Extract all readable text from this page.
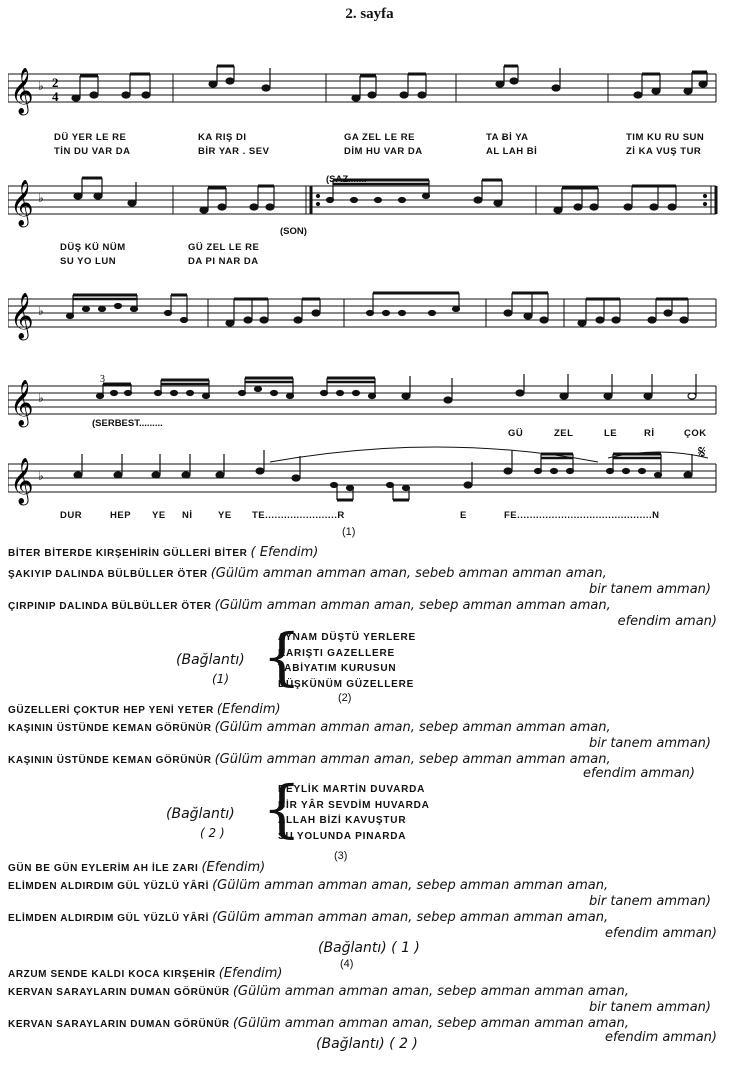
2. sayfa
𝄞 ♭ 2
4
DÜ YER LE RE	KA RIŞ DI	GA ZEL LE RE	TA Ƀİ YA	TIM KU RU SUN
TİN DU VAR DA	BİR YAR . SEV	DİM HU VAR DA	AL LAH Bİ	Zİ KA VUŞ TUR
𝄞 ♭
(SAZ.......
(SON)
DÜŞ KÜ NÜM	GÜ ZEL LE RE
SU YO LUN	DA PI NAR DA
𝄞 ♭
𝄞 ♭
3
(SERBEST.........
GÜ	ZEL	LE	Rİ	ÇOK
𝄞 ♭
𝄋
DUR	HEP YE Nİ	YE TE.......................R	E	FE...........................................N
(1)
BİTER BİTERDE KIRŞEHİRİN GÜLLERİ BİTER ( Efendim)
ŞAKIYIP DALINDA BÜLBÜLLER ÖTER (Gülüm amman amman aman, sebeb amman amman aman,
bir tanem amman)
ÇIRPINIP DALINDA BÜLBÜLLER ÖTER (Gülüm amman amman aman, sebep amman amman aman,
efendim aman)
(Bağlantı)
(1) {
AYNAM DÜŞTÜ YERLERE
KARIŞTI GAZELLERE
TABİYATIM KURUSUN
DÜŞKÜNÜM GÜZELLERE
(2)
GÜZELLERİ ÇOKTUR HEP YENİ YETER (Efendim)
KAŞININ ÜSTÜNDE KEMAN GÖRÜNÜR (Gülüm amman amman aman, sebep amman amman aman,
bir tanem amman)
KAŞININ ÜSTÜNDE KEMAN GÖRÜNÜR (Gülüm amman amman aman, sebep amman amman aman,
efendim amman)
(Bağlantı)
( 2 ) {
BEYLİK MARTİN DUVARDA
BİR YÂR SEVDİM HUVARDA
ALLAH BİZİ KAVUŞTUR
SU YOLUNDA PINARDA
(3)
GÜN BE GÜN EYLERİM AH İLE ZARI (Efendim)
ELİMDEN ALDIRDIM GÜL YÜZLÜ YÂRİ (Gülüm amman amman aman, sebep amman amman aman,
bir tanem amman)
ELİMDEN ALDIRDIM GÜL YÜZLÜ YÂRİ (Gülüm amman amman aman, sebep amman amman aman,
efendim amman)
(Bağlantı) ( 1 )
(4)
ARZUM SENDE KALDI KOCA KIRŞEHİR (Efendim)
KERVAN SARAYLARIN DUMAN GÖRÜNÜR (Gülüm amman amman aman, sebep amman amman aman,
bir tanem amman)
KERVAN SARAYLARIN DUMAN GÖRÜNÜR (Gülüm amman amman aman, sebep amman amman aman,
efendim amman)
(Bağlantı) ( 2 )
